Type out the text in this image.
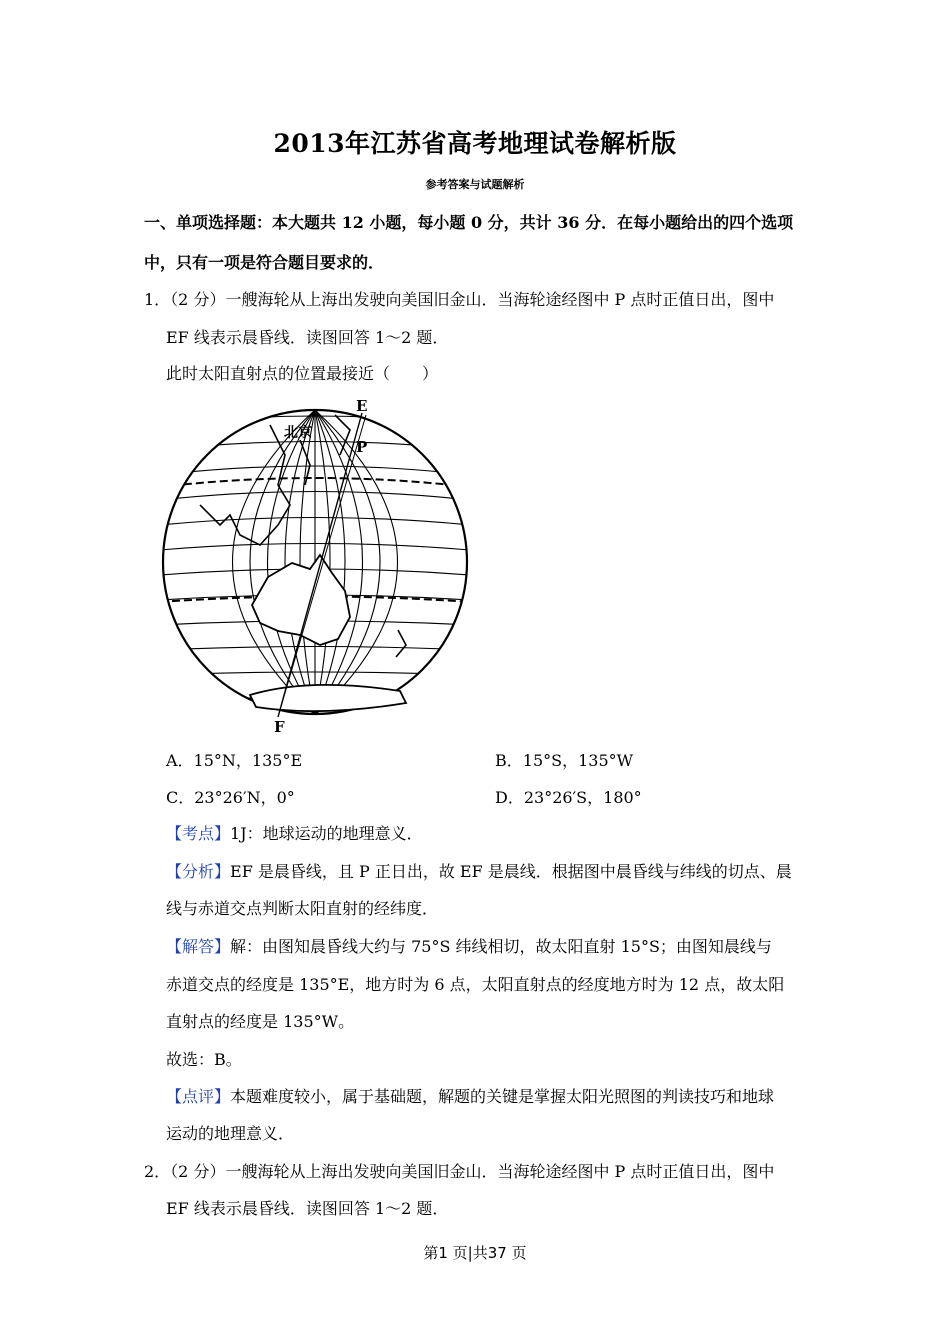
2013年江苏省高考地理试卷解析版
参考答案与试题解析
一、单项选择题：本大题共 12 小题，每小题 0 分，共计 36 分．在每小题给出的四个选项
中，只有一项是符合题目要求的．
1．（2 分）一艘海轮从上海出发驶向美国旧金山．当海轮途经图中 P 点时正值日出，图中
EF 线表示晨昏线．读图回答 1～2 题．
此时太阳直射点的位置最接近（　　）
E
P
F
北京
A．15°N，135°E	B．15°S，135°W
C．23°26′N，0°	D．23°26′S，180°
【考点】1J：地球运动的地理意义．
【分析】EF 是晨昏线，且 P 正日出，故 EF 是晨线．根据图中晨昏线与纬线的切点、晨
线与赤道交点判断太阳直射的经纬度．
【解答】解：由图知晨昏线大约与 75°S 纬线相切，故太阳直射 15°S；由图知晨线与
赤道交点的经度是 135°E，地方时为 6 点，太阳直射点的经度地方时为 12 点，故太阳
直射点的经度是 135°W。
故选：B。
【点评】本题难度较小，属于基础题，解题的关键是掌握太阳光照图的判读技巧和地球
运动的地理意义．
2．（2 分）一艘海轮从上海出发驶向美国旧金山．当海轮途经图中 P 点时正值日出，图中
EF 线表示晨昏线．读图回答 1～2 题．
第1 页|共37 页
